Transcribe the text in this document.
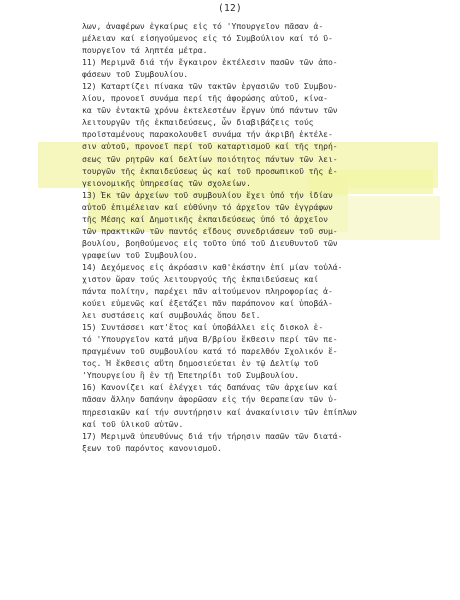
(12)
λων, ἀναφέρων ἐγκαίρως εἰς τό 'Υπουργεῖον πᾶσαν ἀ-
μέλειαν καί εἰσηγούμενος εἰς τό Συμβούλιον καί τό ῦ-
πουργεῖον τά ληπτέα μέτρα.
11) Μεριμνᾶ διά τήν ἔγκαιρον ἐκτέλεσιν πασῶν τῶν ἀπο-
φάσεων τοῦ Συμβουλίου.
12) Καταρτίζει πίνακα τῶν τακτῶν ἐργασιῶν τοῦ Συμβου-
λίου, προνοεῖ συνάμα περί τῆς ἀφορώσης αὐτοῦ, κίνα-
κα τῶν ἐντακτῶ χρόνω ἐκτελεστέων ἔργων ὑπό πάντων τῶν
λειτουργῶν τῆς ἐκπαιδεύσεως, ὧν διαβιβάζεις τούς
προϊσταμένους παρακολουθεῖ συνάμα τήν ἀκριβῆ ἐκτέλε-
σιν αὐτοῦ, προνοεῖ περί τοῦ καταρτισμοῦ καί τῆς τηρή-
σεως τῶν ρητρῶν καί δελτίων ποιότητος πάντων τῶν λει-
τουργῶν τῆς ἐκπαιδεύσεως ὡς καί τοῦ προσωπικοῦ τῆς ἐ-
γειονομικῆς ὑπηρεσίας τῶν σχολείων.
13) Ἐκ τῶν ἀρχείων τοῦ συμβουλίου ἔχει ὑπό τήν ἰδίαν
αὐτοῦ ἐπιμέλειαν καί εὐθύνην τό ἀρχεῖον τῶν ἐγγράφων
τῆς Μέσης καί Δημοτικῆς ἐκπαιδεύσεως ὑπό τό ἀρχεῖον
τῶν πρακτικῶν τῶν παντός εἴδους συνεδριάσεων τοῦ συμ-
βουλίου, βοηθούμενος εἰς τοῦτο ὑπό τοῦ Διευθυντοῦ τῶν
γραφείων τοῦ Συμβουλίου.
14) Δεχόμενος εἰς ἀκρόασιν καθ'ἑκάστην ἐπί μίαν τοὐλά-
χιστον ὥραν τούς λειτουργούς τῆς ἐκπαιδεύσεως καί
πάντα πολίτην, παρέχει πᾶν αἰτούμενον πληροφορίας ἀ-
κούει εὐμενῶς καί ἐξετάζει πᾶν παράπονον καί ὑποβάλ-
λει συστάσεις καί συμβουλάς ὅπου δεῖ.
15) Συντάσσει κατ'ἔτος καί ὑποβάλλει εἰς δισκολ ἐ-
τό 'Υπουργεῖον κατά μῆνα Β/βρίου ἔκθεσιν περί τῶν πε-
πραγμένων τοῦ συμβουλίου κατά τό παρελθόν Σχολικόν ἔ-
τος. Ἡ ἔκθεσις αὕτη δημοσιεύεται ἐν τῷ Δελτίῳ τοῦ
'Υπουργείου ἢ ἐν τῇ Ἐπετηρίδι τοῦ Συμβουλίου.
16) Κανονίζει καί ἐλέγχει τάς δαπάνας τῶν ἀρχείων καί
πᾶσαν ἄλλην δαπάνην ἀφορῶσαν εἰς τήν θεραπείαν τῶν ὑ-
πηρεσιακῶν καί τήν συντήρησιν καί ἀνακαίνισιν τῶν ἐπίπλων
καί τοῦ ὑλικοῦ αὐτῶν.
17) Μεριμνᾶ ὑπευθύνως διά τήν τήρησιν πασῶν τῶν διατά-
ξεων τοῦ παρόντος κανονισμοῦ.
